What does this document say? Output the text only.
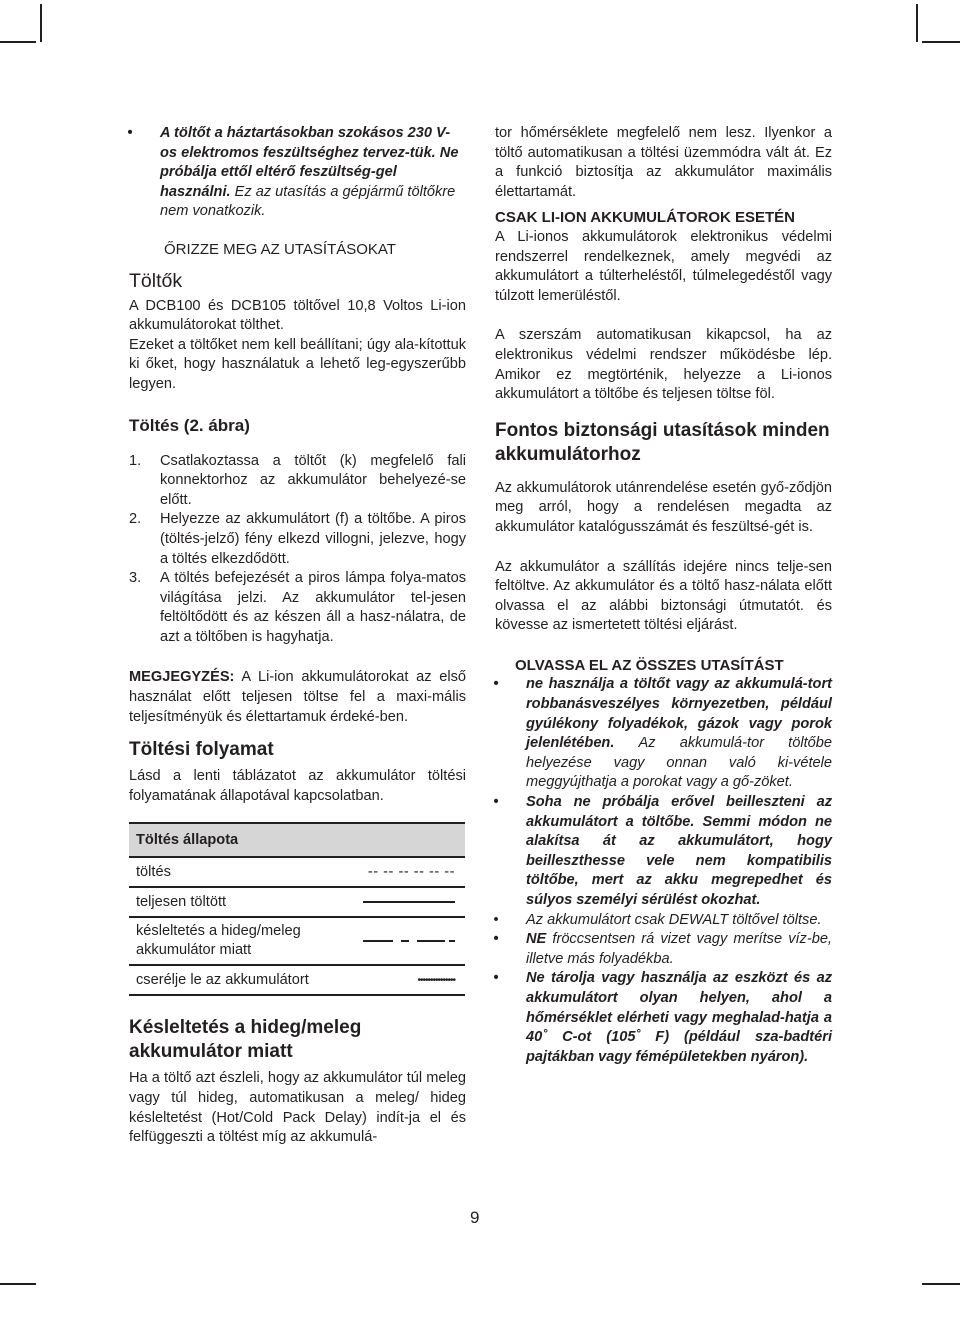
• A töltőt a háztartásokban szokásos 230 V-os elektromos feszültséghez tervez-tük. Ne próbálja ettől eltérő feszültség-gel használni. Ez az utasítás a gépjármű töltőkre nem vonatkozik.

ŐRIZZE MEG AZ UTASÍTÁSOKAT

Töltők

A DCB100 és DCB105 töltővel 10,8 Voltos Li-ion akkumulátorokat tölthet.

Ezeket a töltőket nem kell beállítani; úgy ala-kítottuk ki őket, hogy használatuk a lehető leg-egyszerűbb legyen.

Töltés (2. ábra)

1. Csatlakoztassa a töltőt (k) megfelelő fali konnektorhoz az akkumulátor behelyezé-se előtt.
2. Helyezze az akkumulátort (f) a töltőbe. A piros (töltés-jelző) fény elkezd villogni, jelezve, hogy a töltés elkezdődött.
3. A töltés befejezését a piros lámpa folya-matos világítása jelzi. Az akkumulátor tel-jesen feltöltődött és az készen áll a hasz-nálatra, de azt a töltőben is hagyhatja.

MEGJEGYZÉS: A Li-ion akkumulátorokat az első használat előtt teljesen töltse fel a maxi-mális teljesítményük és élettartamuk érdeké-ben.

Töltési folyamat

Lásd a lenti táblázatot az akkumulátor töltési folyamatának állapotával kapcsolatban.

Töltés állapota	
töltés	-- -- -- -- -- --
teljesen töltött	
késleltetés a hideg/meleg akkumulátor miatt	
cserélje le az akkumulátort	•••••••••••••••

Késleltetés a hideg/meleg akkumulátor miatt

Ha a töltő azt észleli, hogy az akkumulátor túl meleg vagy túl hideg, automatikusan a meleg/ hideg késleltetést (Hot/Cold Pack Delay) indít-ja el és felfüggeszti a töltést míg az akkumulá-

tor hőmérséklete megfelelő nem lesz. Ilyenkor a töltő automatikusan a töltési üzemmódra vált át. Ez a funkció biztosítja az akkumulátor maximális élettartamát.

CSAK LI-ION AKKUMULÁTOROK ESETÉN

A Li-ionos akkumulátorok elektronikus védelmi rendszerrel rendelkeznek, amely megvédi az akkumulátort a túlterheléstől, túlmelegedéstől vagy túlzott lemerüléstől.

A szerszám automatikusan kikapcsol, ha az elektronikus védelmi rendszer működésbe lép. Amikor ez megtörténik, helyezze a Li-ionos akkumulátort a töltőbe és teljesen töltse föl.

Fontos biztonsági utasítások minden akkumulátorhoz

Az akkumulátorok utánrendelése esetén győ-ződjön meg arról, hogy a rendelésen megadta az akkumulátor katalógusszámát és feszültsé-gét is.

Az akkumulátor a szállítás idejére nincs telje-sen feltöltve. Az akkumulátor és a töltő hasz-nálata előtt olvassa el az alábbi biztonsági útmutatót. és kövesse az ismertetett töltési eljárást.

OLVASSA EL AZ ÖSSZES UTASÍTÁST

• ne használja a töltőt vagy az akkumulá-tort robbanásveszélyes környezetben, például gyúlékony folyadékok, gázok vagy porok jelenlétében. Az akkumulá-tor töltőbe helyezése vagy onnan való ki-vétele meggyújthatja a porokat vagy a gő-zöket.
• Soha ne próbálja erővel beilleszteni az akkumulátort a töltőbe. Semmi módon ne alakítsa át az akkumulátort, hogy beilleszthesse vele nem kompatibilis töltőbe, mert az akku megrepedhet és súlyos személyi sérülést okozhat.
• Az akkumulátort csak DEWALT töltővel töltse.
• NE fröccsentsen rá vizet vagy merítse víz-be, illetve más folyadékba.
• Ne tárolja vagy használja az eszközt és az akkumulátort olyan helyen, ahol a hőmérséklet elérheti vagy meghalad-hatja a 40˚ C-ot (105˚ F) (például sza-badtéri pajtákban vagy fémépületekben nyáron).
9
